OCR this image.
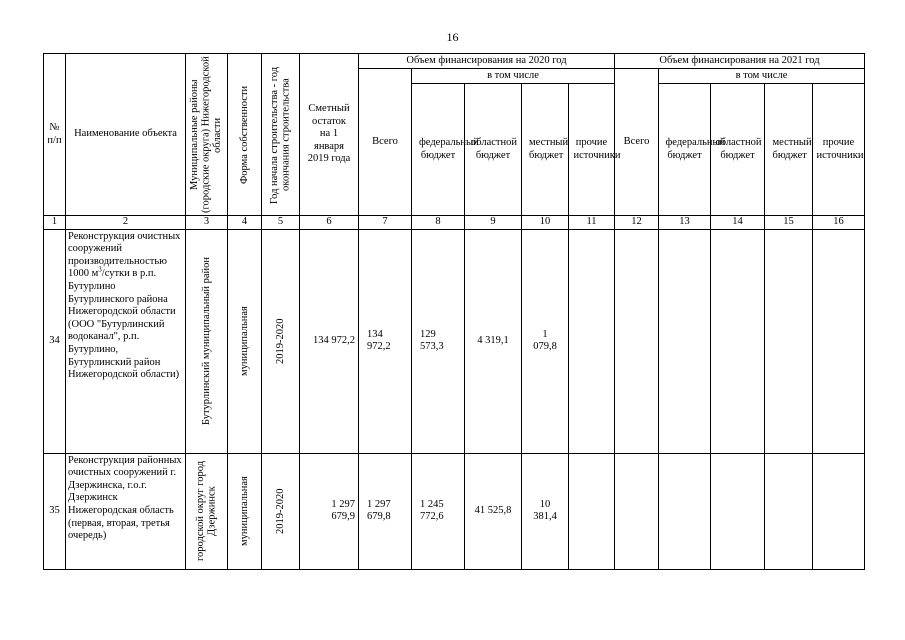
16
№ п/п	Наименование объекта	Муниципальные районы (городские округа) Нижегородской области	Форма собственности	Год начала строительства - год окончания строительства	Сметный остаток на 1 января 2019 года	Объем финансирования на 2020 год					Объем финансирования на 2021 год				
						Всего	в том числе				Всего	в том числе			

							федеральный бюджет	областной бюджет	местный бюджет	прочие источники		федеральный бюджет	областной бюджет	местный бюджет	прочие источники

1	2	3	4	5	6	7	8	9	10	11	12	13	14	15	16
34	Реконструкция очистных сооружений производительностью 1000 $м^3$/сутки в р.п. Бутурлино Бутурлинского района Нижегородской области (ООО "Бутурлинский водоканал", р.п. Бутурлино, Бутурлинский район Нижегородской области)	Бутурлинский муниципальный район	муниципальная	2019-2020	134 972,2	134 972,2	129 573,3	4 319,1	1 079,8						

35	Реконструкция районных очистных сооружений г. Дзержинска, г.о.г. Дзержинск Нижегородская область (первая, вторая, третья очередь)	городской округ город Дзержинск	муниципальная	2019-2020	1 297 679,9	1 297 679,8	1 245 772,6	41 525,8	10 381,4						
